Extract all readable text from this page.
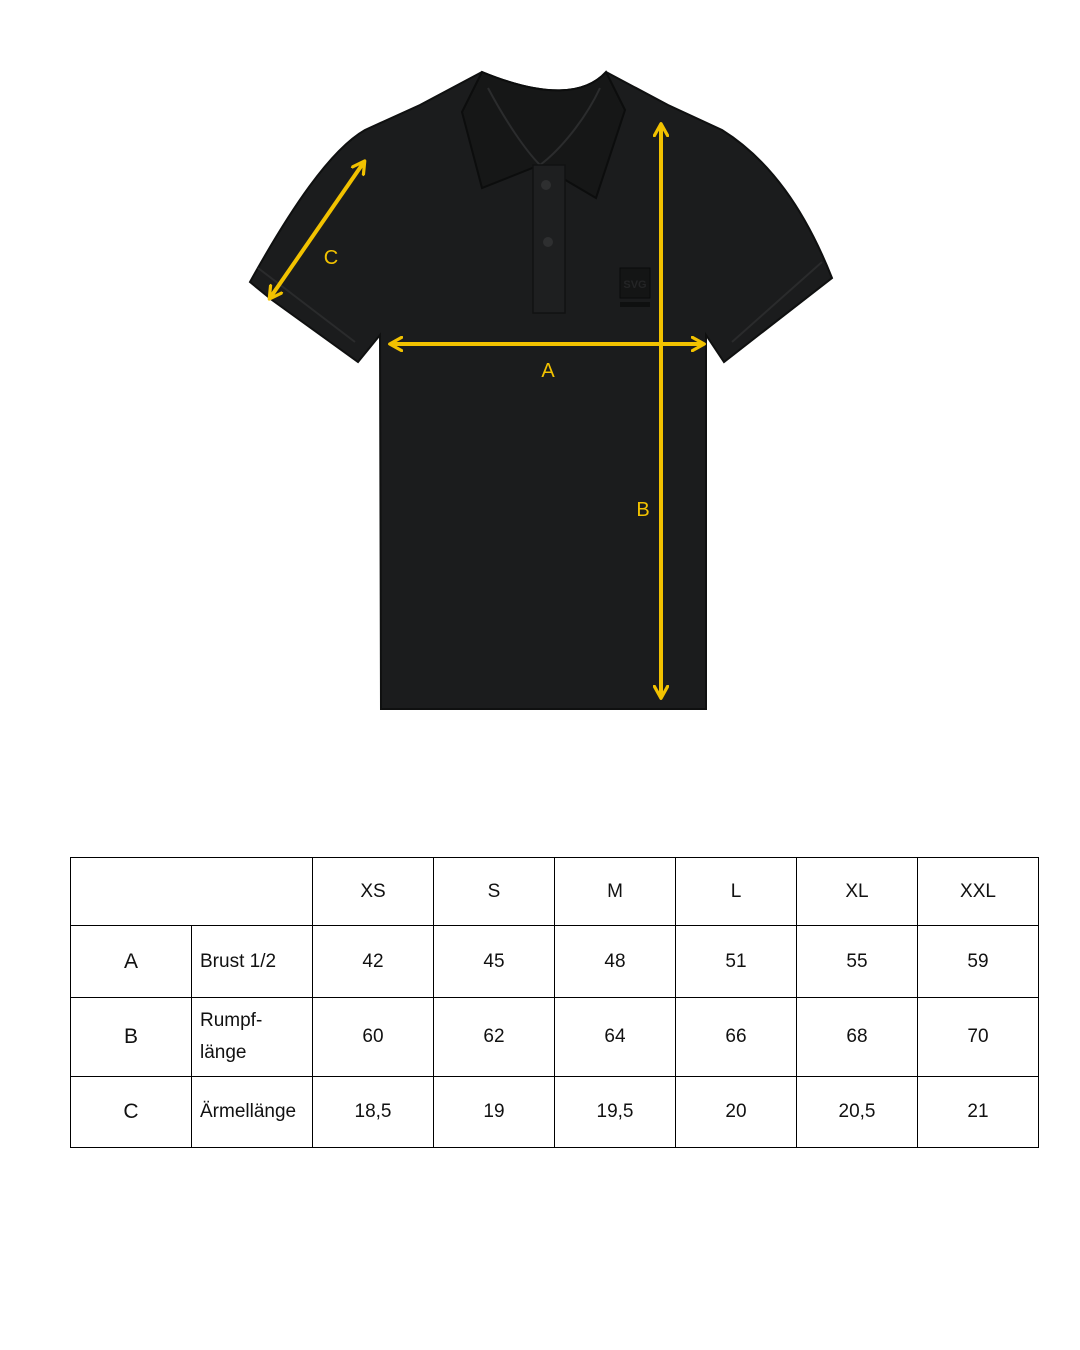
SVG
C
A
B
		XS	S	M	L	XL	XXL
A	Brust 1/2	42	45	48	51	55	59
B	Rumpf-
länge	60	62	64	66	68	70
C	Ärmellänge	18,5	19	19,5	20	20,5	21
